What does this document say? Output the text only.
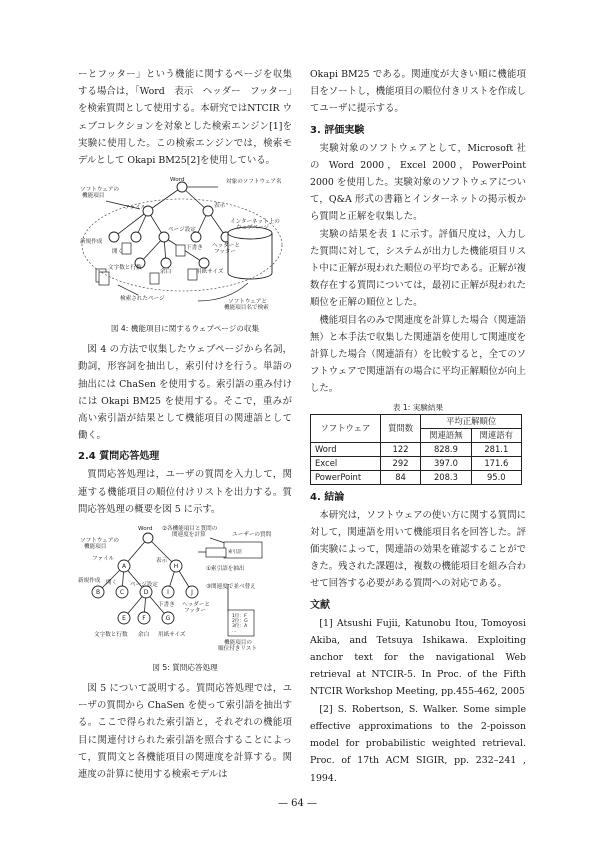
ーとフッター」という機能に関するページを収集する場合は，「Word　表示　ヘッダー　フッター」を検索質問として使用する。本研究ではNTCIR ウェブコレクションを対象とした検索エンジン[1]を実験に使用した。この検索エンジンでは，検索モデルとして Okapi BM25[2]を使用している。

ソフトウェアの機能項目
Word	対象のソフトウェア名
ファイル	表示
新規作成
開く
ページ設定
下書き ヘッダーとフッター
インターネット上のウェブページ
文字数と行数
余白	用紙サイズ
検索されたページ	ソフトウェアと機能項目名で検索
図 4: 機能項目に関するウェブページの収集

図 4 の方法で収集したウェブページから名詞，動詞，形容詞を抽出し，索引付けを行う。単語の抽出には ChaSen を使用する。索引語の重み付けには Okapi BM25 を使用する。そこで，重みが高い索引語が結果として機能項目の関連語として働く。

2.4 質問応答処理

質問応答処理は，ユーザの質問を入力して，関連する機能項目の順位付けリストを出力する。質問応答処理の概要を図 5 に示す。

A	H
B	C	D	I	J
E	F	G
ソフトウェアの機能項目
Word ②各機能項目と質問の関連度を計算	ユーザーの質問
索引語
ファイル	表示
①索引語を抽出
新規作成 開く ページ設定	③関連度で並べ替え
下書き ヘッダーとフッター
1位：F 2位：G 3位：A ...
機能項目の順位付きリスト
文字数と行数 余白 用紙サイズ
図 5: 質問応答処理

図 5 について説明する。質問応答処理では，ユーザの質問から ChaSen を使って索引語を抽出する。ここで得られた索引語と，それぞれの機能項目に関連付けられた索引語を照合することによって，質問文と各機能項目の関連度を計算する。関連度の計算に使用する検索モデルは

Okapi BM25 である。関連度が大きい順に機能項目をソートし，機能項目の順位付きリストを作成してユーザに提示する。

3. 評価実験

実験対象のソフトウェアとして，Microsoft 社の Word 2000，Excel 2000，PowerPoint 2000 を使用した。実験対象のソフトウェアについて，Q&A 形式の書籍とインターネットの掲示板から質問と正解を収集した。

実験の結果を表 1 に示す。評価尺度は，入力した質問に対して，システムが出力した機能項目リスト中に正解が現われた順位の平均である。正解が複数存在する質問については，最初に正解が現われた順位を正解の順位とした。

機能項目名のみで関連度を計算した場合（関連語無）と本手法で収集した関連語を使用して関連度を計算した場合（関連語有）を比較すると，全てのソフトウェアで関連語有の場合に平均正解順位が向上した。

表 1: 実験結果
ソフトウェア	質問数	平均正解順位	
		関連語無	関連語有
Word	122	828.9	281.1
Excel	292	397.0	171.6
PowerPoint	84	208.3	95.0
4. 結論

本研究は，ソフトウェアの使い方に関する質問に対して，関連語を用いて機能項目名を回答した。評価実験によって，関連語の効果を確認することができた。残された課題は，複数の機能項目を組み合わせて回答する必要がある質問への対応である。

文献

[1] Atsushi Fujii, Katunobu Itou, Tomoyosi Akiba, and Tetsuya Ishikawa. Exploiting anchor text for the navigational Web retrieval at NTCIR-5. In Proc. of the Fifth NTCIR Workshop Meeting, pp.455-462, 2005

[2] S. Robertson, S. Walker. Some simple effective approximations to the 2-poisson model for probabilistic weighted retrieval. Proc. of 17th ACM SIGIR, pp. 232–241 , 1994.

— 64 —
